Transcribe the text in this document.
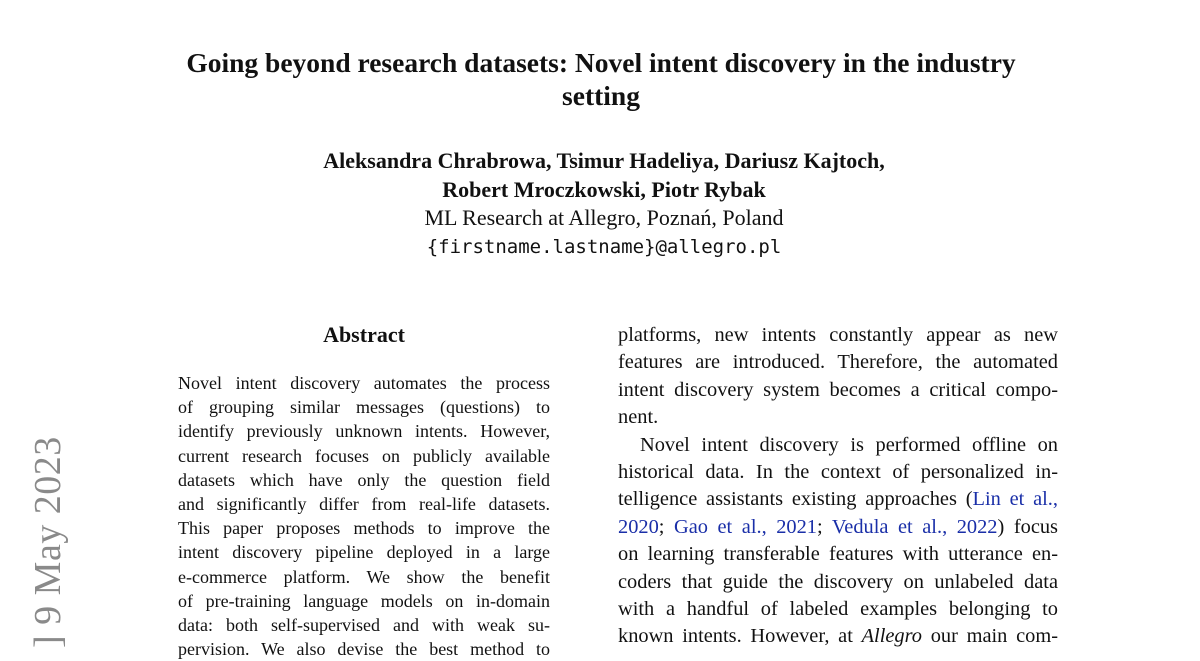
Going beyond research datasets: Novel intent discovery in the industry setting
Aleksandra Chrabrowa, Tsimur Hadeliya, Dariusz Kajtoch,
Robert Mroczkowski, Piotr Rybak
ML Research at Allegro, Poznań, Poland
{firstname.lastname}@allegro.pl
] 9 May 2023
Abstract
Novel intent discovery automates the process
of grouping similar messages (questions) to
identify previously unknown intents. However,
current research focuses on publicly available
datasets which have only the question field
and significantly differ from real-life datasets.
This paper proposes methods to improve the
intent discovery pipeline deployed in a large
e-commerce platform. We show the benefit
of pre-training language models on in-domain
data: both self-supervised and with weak su-
pervision. We also devise the best method to
platforms, new intents constantly appear as new
features are introduced. Therefore, the automated
intent discovery system becomes a critical compo-
nent.
Novel intent discovery is performed offline on
historical data. In the context of personalized in-
telligence assistants existing approaches (Lin et al.,
2020; Gao et al., 2021; Vedula et al., 2022) focus
on learning transferable features with utterance en-
coders that guide the discovery on unlabeled data
with a handful of labeled examples belonging to
known intents. However, at Allegro our main com-
